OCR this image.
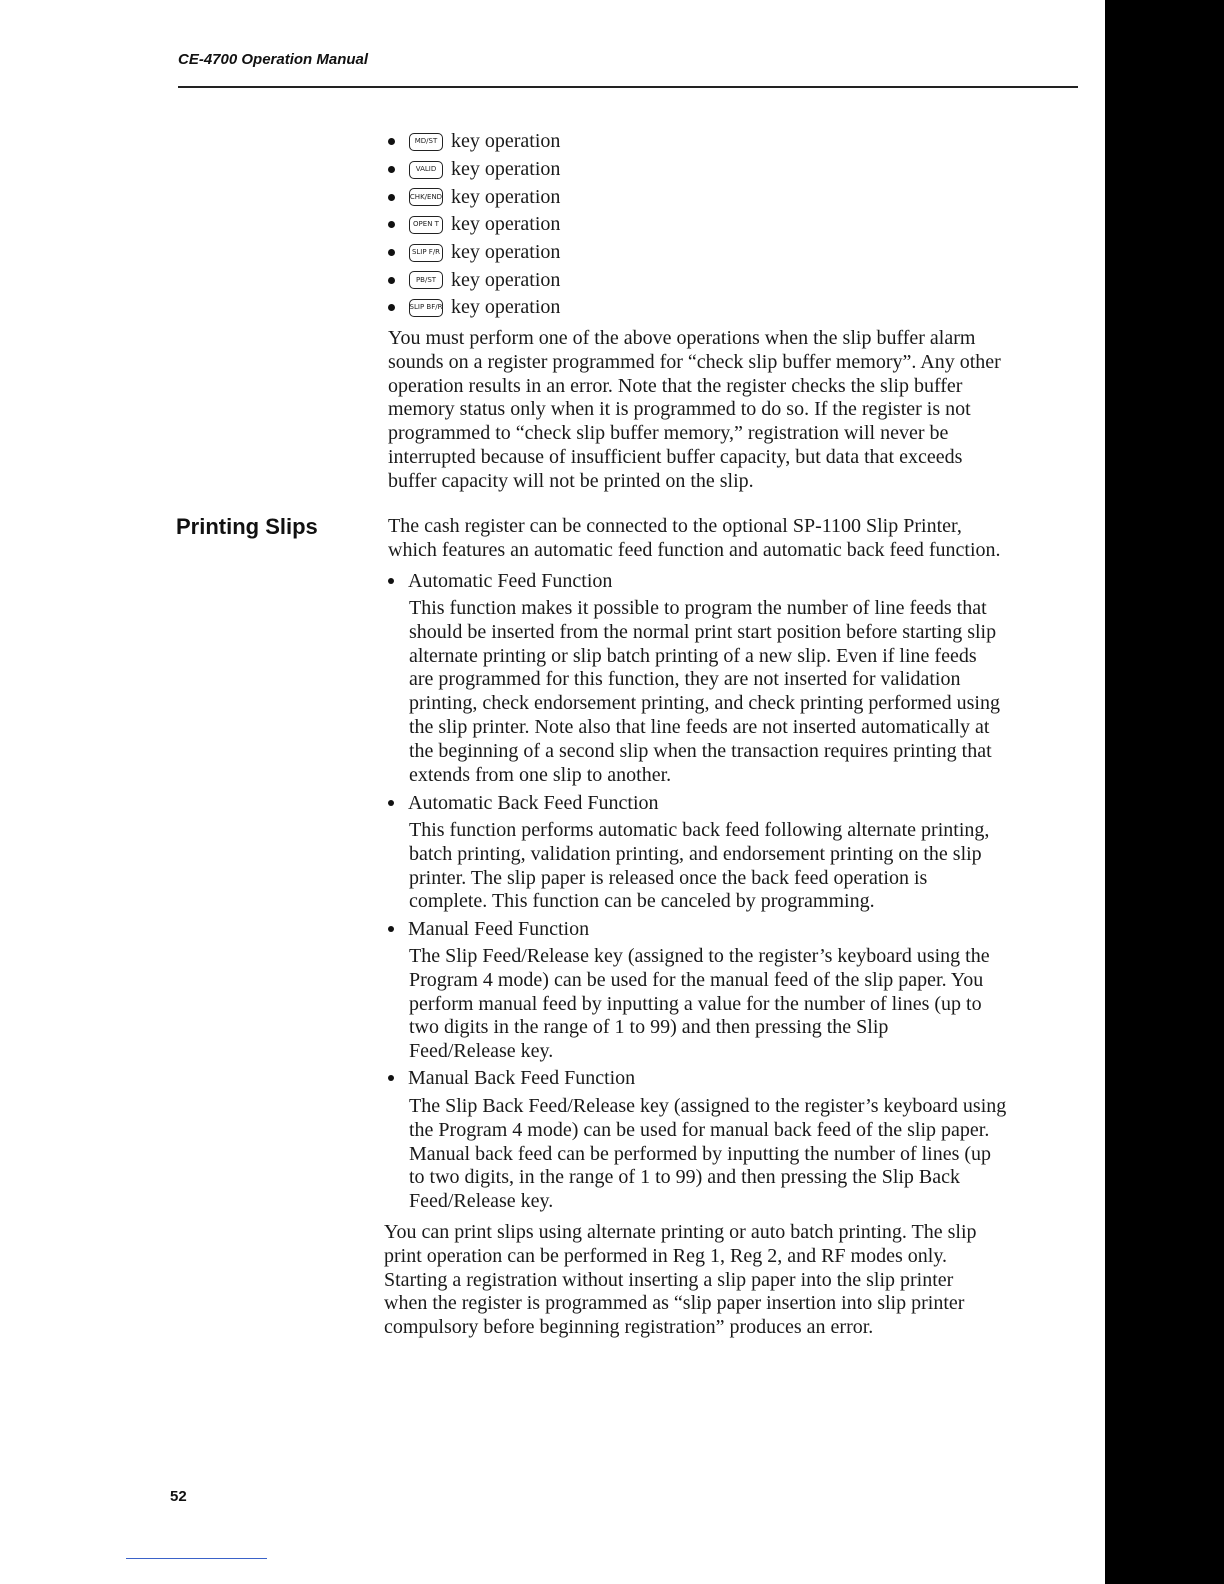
CE-4700 Operation Manual
MD/ST key operation
VALID key operation
CHK/END key operation
OPEN T key operation
SLIP F/R key operation
PB/ST key operation
SLIP BF/R key operation
You must perform one of the above operations when the slip buffer alarm
sounds on a register programmed for “check slip buffer memory”. Any other
operation results in an error. Note that the register checks the slip buffer
memory status only when it is programmed to do so. If the register is not
programmed to “check slip buffer memory,” registration will never be
interrupted because of insufficient buffer capacity, but data that exceeds
buffer capacity will not be printed on the slip.
Printing Slips	The cash register can be connected to the optional SP-1100 Slip Printer,
which features an automatic feed function and automatic back feed function.
Automatic Feed Function
This function makes it possible to program the number of line feeds that
should be inserted from the normal print start position before starting slip
alternate printing or slip batch printing of a new slip. Even if line feeds
are programmed for this function, they are not inserted for validation
printing, check endorsement printing, and check printing performed using
the slip printer. Note also that line feeds are not inserted automatically at
the beginning of a second slip when the transaction requires printing that
extends from one slip to another.
Automatic Back Feed Function
This function performs automatic back feed following alternate printing,
batch printing, validation printing, and endorsement printing on the slip
printer. The slip paper is released once the back feed operation is
complete. This function can be canceled by programming.
Manual Feed Function
The Slip Feed/Release key (assigned to the register’s keyboard using the
Program 4 mode) can be used for the manual feed of the slip paper. You
perform manual feed by inputting a value for the number of lines (up to
two digits in the range of 1 to 99) and then pressing the Slip
Feed/Release key.
Manual Back Feed Function
The Slip Back Feed/Release key (assigned to the register’s keyboard using
the Program 4 mode) can be used for manual back feed of the slip paper.
Manual back feed can be performed by inputting the number of lines (up
to two digits, in the range of 1 to 99) and then pressing the Slip Back
Feed/Release key.
You can print slips using alternate printing or auto batch printing. The slip
print operation can be performed in Reg 1, Reg 2, and RF modes only.
Starting a registration without inserting a slip paper into the slip printer
when the register is programmed as “slip paper insertion into slip printer
compulsory before beginning registration” produces an error.
52
